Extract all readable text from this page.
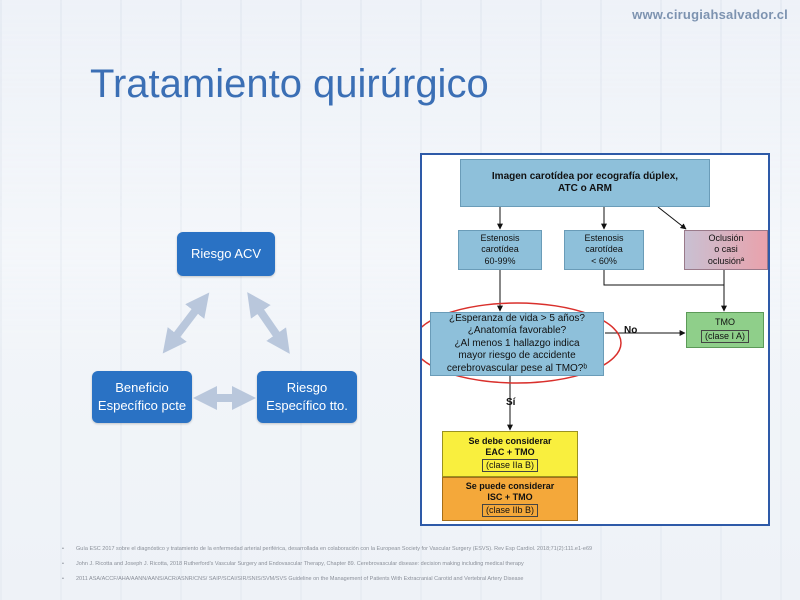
www.cirugiahsalvador.cl
Tratamiento quirúrgico
Riesgo ACV
Beneficio
Específico pcte
Riesgo
Específico tto.
Imagen carotídea por ecografía dúplex,
ATC o ARM
Estenosis
carotídea
60-99%
Estenosis
carotídea
< 60%
Oclusión
o casi
oclusiónª
¿Esperanza de vida > 5 años?
¿Anatomía favorable?
¿Al menos 1 hallazgo indica
mayor riesgo de accidente
cerebrovascular pese al TMO?ᵇ
TMO
(clase I A)
Se debe considerar
EAC + TMO
(clase IIa B)
Se puede considerar
ISC + TMO
(clase IIb B)
No
Sí
• Guía ESC 2017 sobre el diagnóstico y tratamiento de la enfermedad arterial periférica, desarrollada en colaboración con la European Society for Vascular Surgery (ESVS). Rev Esp Cardiol. 2018;71(2):111.e1-e69
• John J. Ricotta and Joseph J. Ricotta, 2018 Rutherford's Vascular Surgery and Endovascular Therapy, Chapter 89. Cerebrovascular disease: decision making including medical therapy
• 2011 ASA/ACCF/AHA/AANN/AANS/ACR/ASNR/CNS/ SAIP/SCAI/SIR/SNIS/SVM/SVS Guideline on the Management of Patients With Extracranial Carotid and Vertebral Artery Disease
